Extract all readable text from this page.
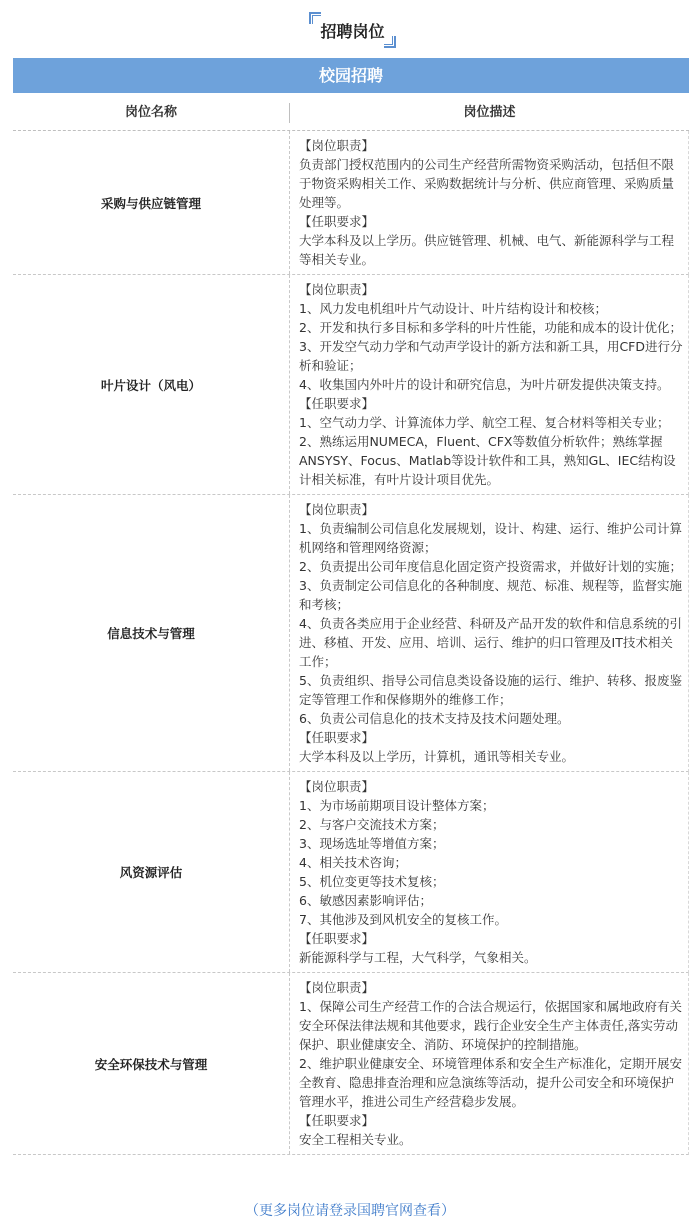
招聘岗位
校园招聘
岗位名称	岗位描述
采购与供应链管理

【岗位职责】

负责部门授权范围内的公司生产经营所需物资采购活动，包括但不限于物资采购相关工作、采购数据统计与分析、供应商管理、采购质量处理等。

【任职要求】

大学本科及以上学历。供应链管理、机械、电气、新能源科学与工程等相关专业。

叶片设计（风电）

【岗位职责】

1、风力发电机组叶片气动设计、叶片结构设计和校核；

2、开发和执行多目标和多学科的叶片性能，功能和成本的设计优化；

3、开发空气动力学和气动声学设计的新方法和新工具，用CFD进行分析和验证；

4、收集国内外叶片的设计和研究信息，为叶片研发提供决策支持。

【任职要求】

1、空气动力学、计算流体力学、航空工程、复合材料等相关专业；

2、熟练运用NUMECA，Fluent、CFX等数值分析软件；熟练掌握ANSYSY、Focus、Matlab等设计软件和工具，熟知GL、IEC结构设计相关标准，有叶片设计项目优先。

信息技术与管理

【岗位职责】

1、负责编制公司信息化发展规划，设计、构建、运行、维护公司计算机网络和管理网络资源；

2、负责提出公司年度信息化固定资产投资需求，并做好计划的实施；

3、负责制定公司信息化的各种制度、规范、标准、规程等，监督实施和考核；

4、负责各类应用于企业经营、科研及产品开发的软件和信息系统的引进、移植、开发、应用、培训、运行、维护的归口管理及IT技术相关工作；

5、负责组织、指导公司信息类设备设施的运行、维护、转移、报废鉴定等管理工作和保修期外的维修工作；

6、负责公司信息化的技术支持及技术问题处理。

【任职要求】

大学本科及以上学历，计算机，通讯等相关专业。

风资源评估

【岗位职责】

1、为市场前期项目设计整体方案；

2、与客户交流技术方案；

3、现场选址等增值方案；

4、相关技术咨询；

5、机位变更等技术复核；

6、敏感因素影响评估；

7、其他涉及到风机安全的复核工作。

【任职要求】

新能源科学与工程，大气科学，气象相关。

安全环保技术与管理

【岗位职责】

1、保障公司生产经营工作的合法合规运行，依据国家和属地政府有关安全环保法律法规和其他要求，践行企业安全生产主体责任,落实劳动保护、职业健康安全、消防、环境保护的控制措施。

2、维护职业健康安全、环境管理体系和安全生产标准化，定期开展安全教育、隐患排查治理和应急演练等活动，提升公司安全和环境保护管理水平，推进公司生产经营稳步发展。

【任职要求】

安全工程相关专业。

（更多岗位请登录国聘官网查看）
